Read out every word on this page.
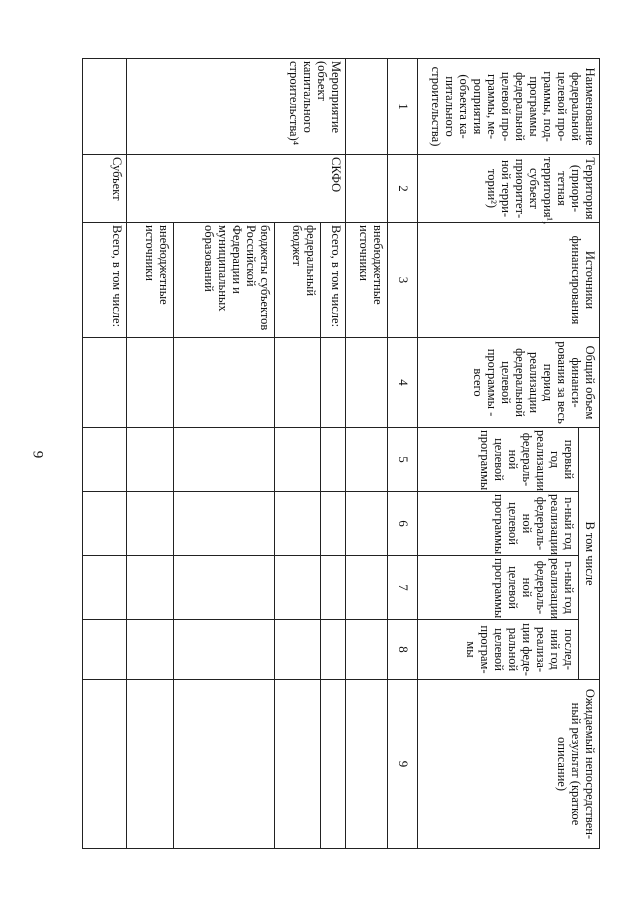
9
Наименование федеральной целевой про-граммы, под-программы федеральной целевой про-граммы, ме-роприятия (объекта ка-питального строительства)	Территория (приори-тетная территория¹, субъект приоритет-ной терри-тории²)	Источники финансирования	Общий объем финанси-рования за весь период реализации федеральной целевой программы - всего	В том числе				Ожидаемый непосредствен-ный результат (краткое описание)
				первый год реализации федераль-ной целевой программы	n-ный год реализации федераль-ной целевой программы	n-ный год реализации федераль-ной целевой программы	послед-ний год реализа-ции феде-ральной целевой програм-мы	
1	2	3	4	5	6	7	8	9
		внебюджетные источники						
Мероприятие (объект капитального строительства)⁴	СКФО	Всего, в том числе:						
		федеральный бюджет						
		бюджеты субъектов Российской Федерации и муниципальных образований						
		внебюджетные источники						
	Субъект	Всего, в том числе:						
